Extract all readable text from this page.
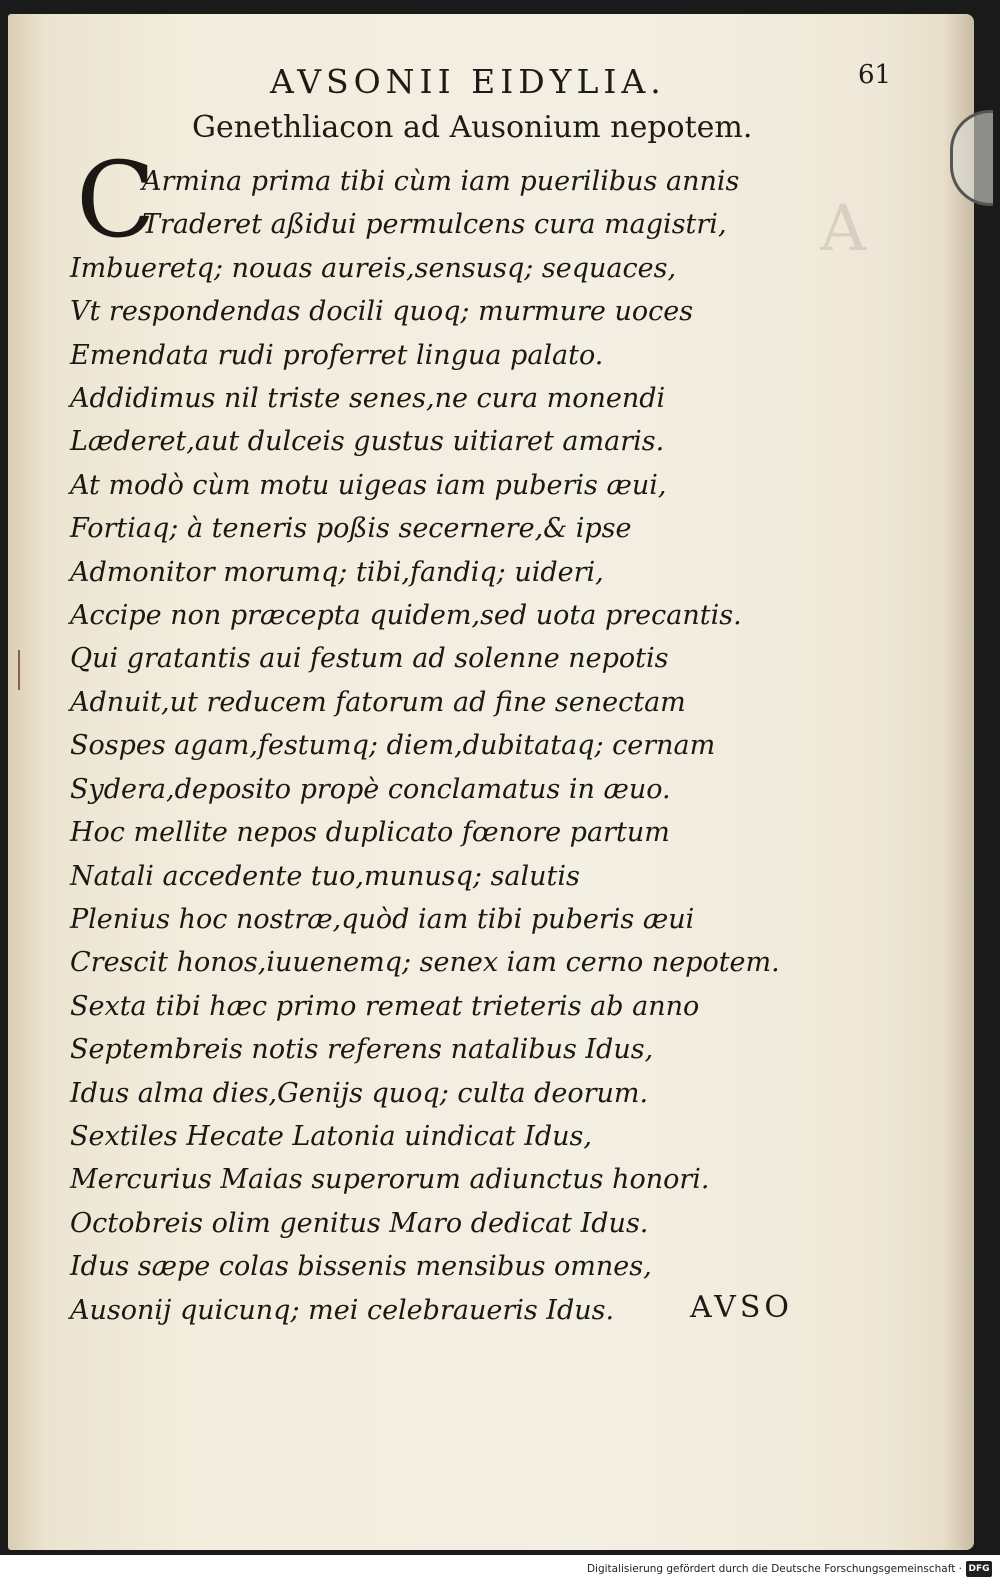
A
AVSONII EIDYLIA.	61
Genethliacon ad Ausonium nepotem.
C
Armina prima tibi cùm iam puerilibus annis
Traderet aßidui permulcens cura magistri,
Imbueretq; nouas aureis,sensusq; sequaces,
Vt respondendas docili quoq; murmure uoces
Emendata rudi proferret lingua palato.
Addidimus nil triste senes,ne cura monendi
Læderet,aut dulceis gustus uitiaret amaris.
At modò cùm motu uigeas iam puberis æui,
Fortiaq; à teneris poßis secernere,& ipse
Admonitor morumq; tibi,fandiq; uideri,
Accipe non præcepta quidem,sed uota precantis.
Qui gratantis aui festum ad solenne nepotis
Adnuit,ut reducem fatorum ad fine senectam
Sospes agam,festumq; diem,dubitataq; cernam
Sydera,deposito propè conclamatus in æuo.
Hoc mellite nepos duplicato fœnore partum
Natali accedente tuo,munusq; salutis
Plenius hoc nostræ,quòd iam tibi puberis æui
Crescit honos,iuuenemq; senex iam cerno nepotem.
Sexta tibi hæc primo remeat trieteris ab anno
Septembreis notis referens natalibus Idus,
Idus alma dies,Genijs quoq; culta deorum.
Sextiles Hecate Latonia uindicat Idus,
Mercurius Maias superorum adiunctus honori.
Octobreis olim genitus Maro dedicat Idus.
Idus sæpe colas bissenis mensibus omnes,
Ausonij quicunq; mei celebraueris Idus.	AVSO
Digitalisierung gefördert durch die Deutsche Forschungsgemeinschaft · DFG
